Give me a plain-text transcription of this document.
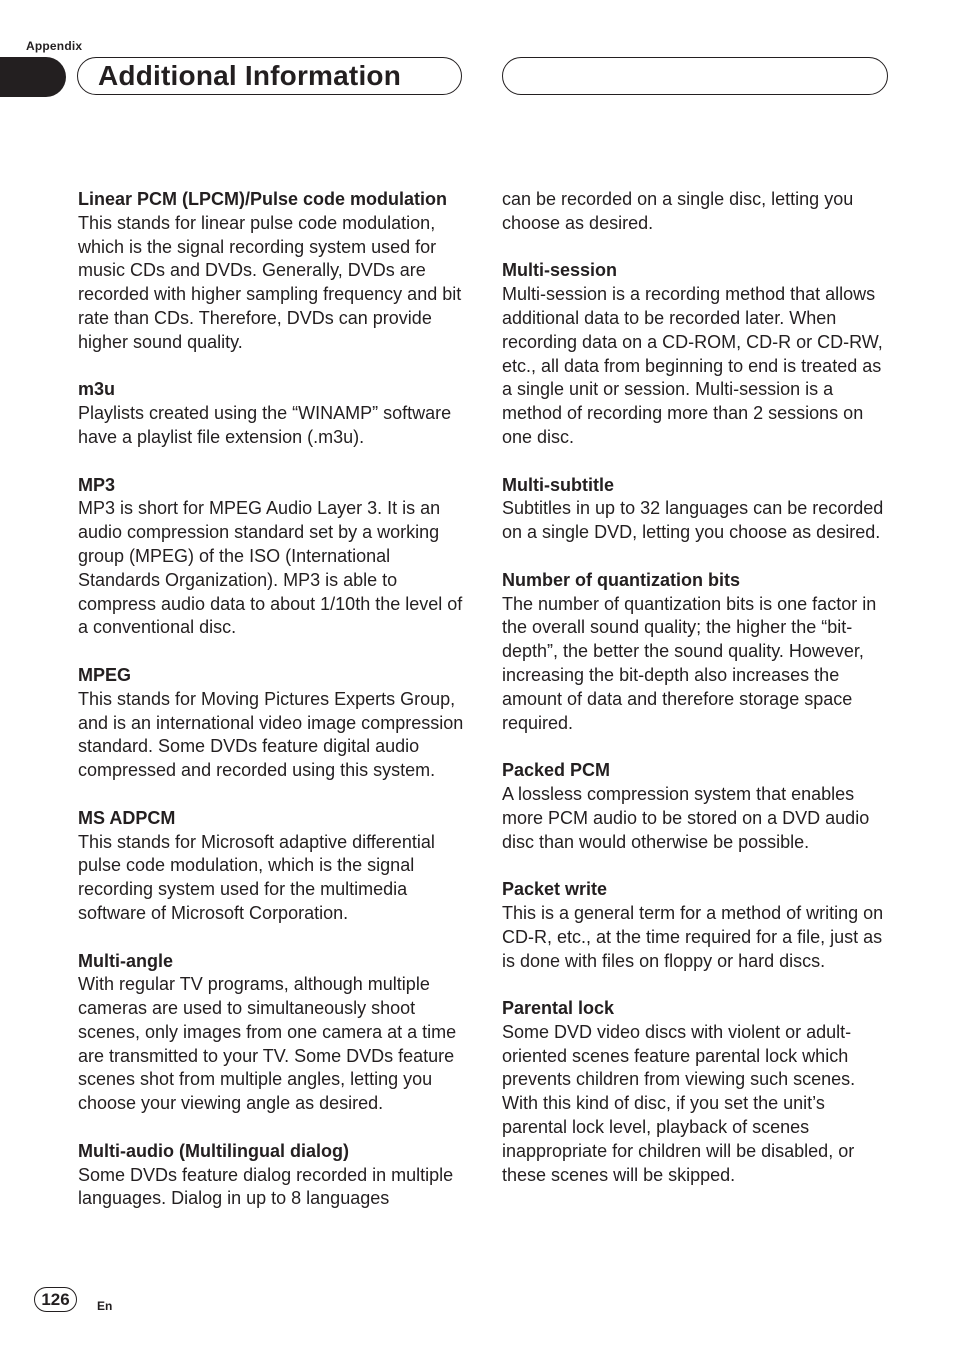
Appendix
Additional Information
Linear PCM (LPCM)/Pulse code modulation
This stands for linear pulse code modulation, which is the signal recording system used for music CDs and DVDs. Generally, DVDs are recorded with higher sampling frequency and bit rate than CDs. Therefore, DVDs can provide higher sound quality.
m3u
Playlists created using the “WINAMP” software have a playlist file extension (.m3u).
MP3
MP3 is short for MPEG Audio Layer 3. It is an audio compression standard set by a working group (MPEG) of the ISO (International Standards Organization). MP3 is able to compress audio data to about 1/10th the level of a conventional disc.
MPEG
This stands for Moving Pictures Experts Group, and is an international video image compression standard. Some DVDs feature digital audio compressed and recorded using this system.
MS ADPCM
This stands for Microsoft adaptive differential pulse code modulation, which is the signal recording system used for the multimedia software of Microsoft Corporation.
Multi-angle
With regular TV programs, although multiple cameras are used to simultaneously shoot scenes, only images from one camera at a time are transmitted to your TV. Some DVDs feature scenes shot from multiple angles, letting you choose your viewing angle as desired.
Multi-audio (Multilingual dialog)
Some DVDs feature dialog recorded in multiple languages. Dialog in up to 8 languages
can be recorded on a single disc, letting you choose as desired.
Multi-session
Multi-session is a recording method that allows additional data to be recorded later. When recording data on a CD-ROM, CD-R or CD-RW, etc., all data from beginning to end is treated as a single unit or session. Multi-session is a method of recording more than 2 sessions on one disc.
Multi-subtitle
Subtitles in up to 32 languages can be recorded on a single DVD, letting you choose as desired.
Number of quantization bits
The number of quantization bits is one factor in the overall sound quality; the higher the “bit-depth”, the better the sound quality. However, increasing the bit-depth also increases the amount of data and therefore storage space required.
Packed PCM
A lossless compression system that enables more PCM audio to be stored on a DVD audio disc than would otherwise be possible.
Packet write
This is a general term for a method of writing on CD-R, etc., at the time required for a file, just as is done with files on floppy or hard discs.
Parental lock
Some DVD video discs with violent or adult-oriented scenes feature parental lock which prevents children from viewing such scenes. With this kind of disc, if you set the unit’s parental lock level, playback of scenes inappropriate for children will be disabled, or these scenes will be skipped.
126 En
